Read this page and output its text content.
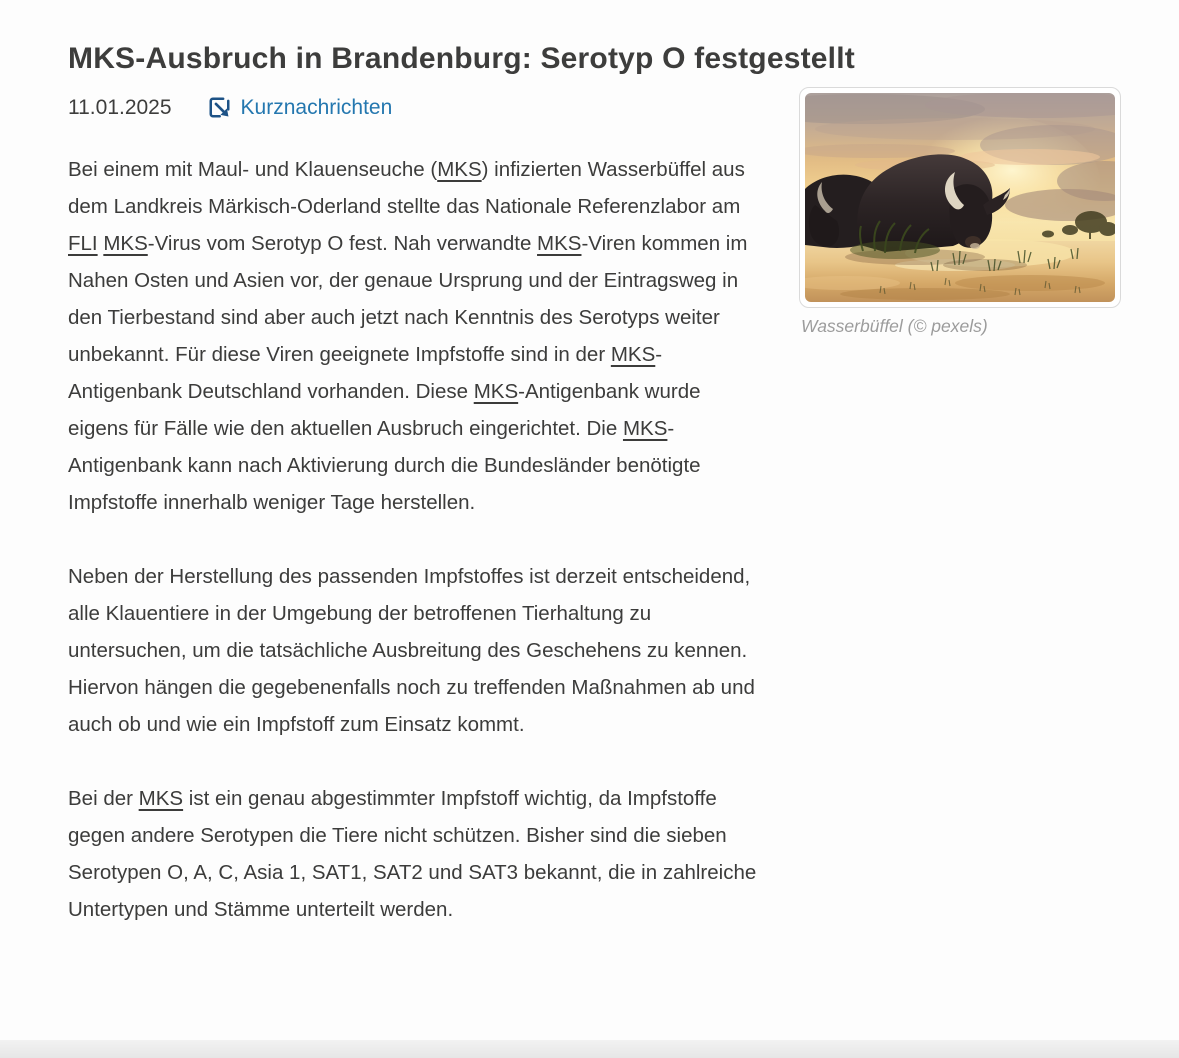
MKS-Ausbruch in Brandenburg: Serotyp O festgestellt
11.01.2025	Kurznachrichten

Bei einem mit Maul- und Klauenseuche (MKS) infizierten Wasserbüffel aus dem Landkreis Märkisch-Oderland stellte das Nationale Referenzlabor am FLI MKS-Virus vom Serotyp O fest. Nah verwandte MKS-Viren kommen im Nahen Osten und Asien vor, der genaue Ursprung und der Eintragsweg in den Tierbestand sind aber auch jetzt nach Kenntnis des Serotyps weiter unbekannt. Für diese Viren geeignete Impfstoffe sind in der MKS-Antigenbank Deutschland vorhanden. Diese MKS-Antigenbank wurde eigens für Fälle wie den aktuellen Ausbruch eingerichtet. Die MKS-Antigenbank kann nach Aktivierung durch die Bundesländer benötigte Impfstoffe innerhalb weniger Tage herstellen.

Neben der Herstellung des passenden Impfstoffes ist derzeit entscheidend, alle Klauentiere in der Umgebung der betroffenen Tierhaltung zu untersuchen, um die tatsächliche Ausbreitung des Geschehens zu kennen. Hiervon hängen die gegebenenfalls noch zu treffenden Maßnahmen ab und auch ob und wie ein Impfstoff zum Einsatz kommt.

Bei der MKS ist ein genau abgestimmter Impfstoff wichtig, da Impfstoffe gegen andere Serotypen die Tiere nicht schützen. Bisher sind die sieben Serotypen O, A, C, Asia 1, SAT1, SAT2 und SAT3 bekannt, die in zahlreiche Untertypen und Stämme unterteilt werden.

Wasserbüffel (© pexels)
